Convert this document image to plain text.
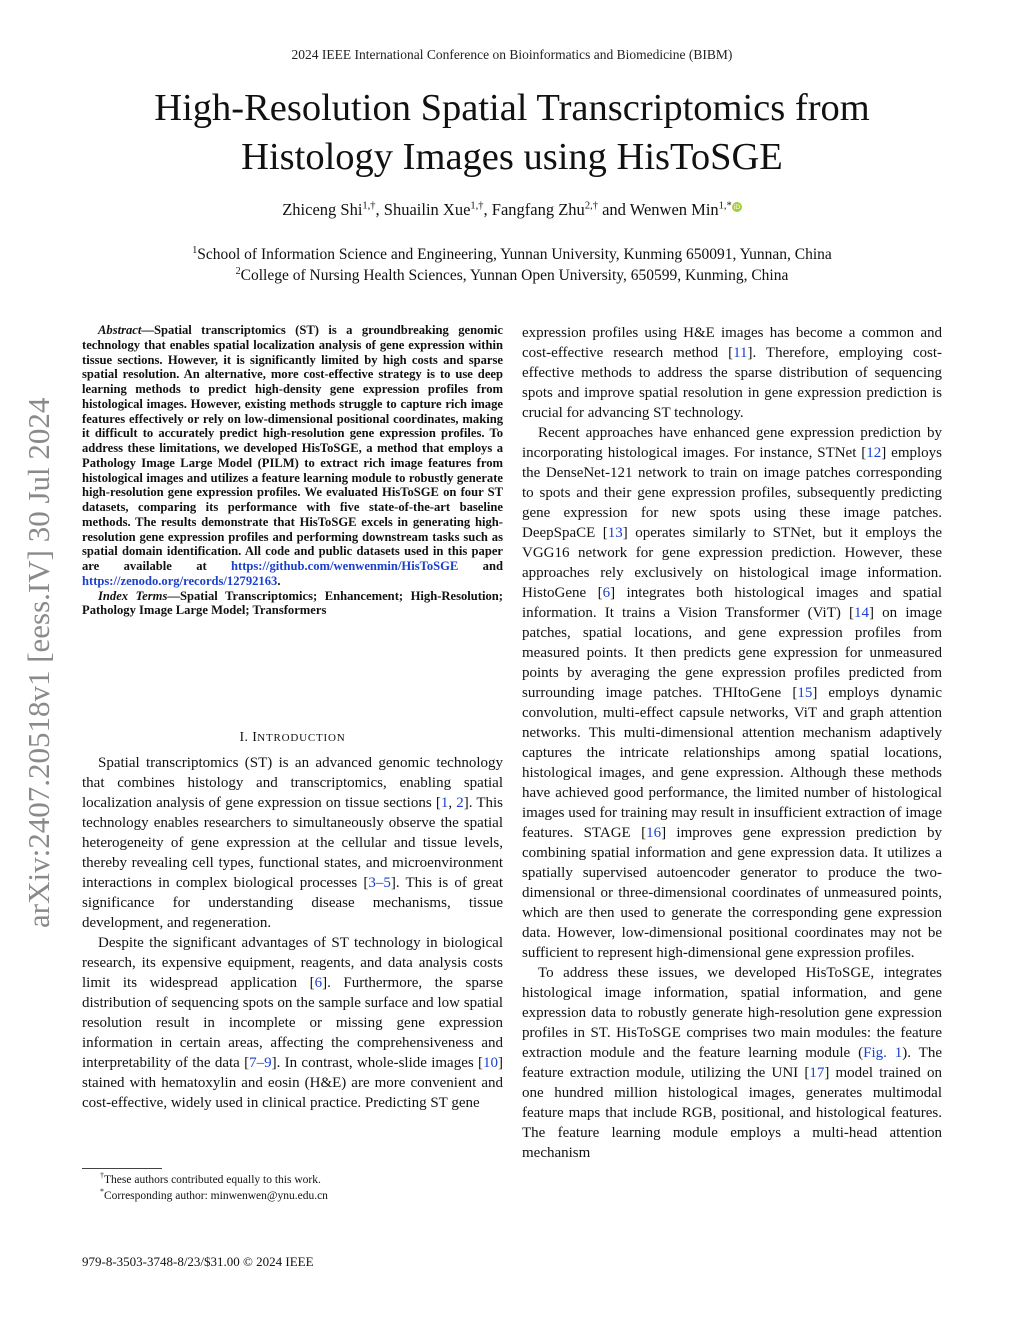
2024 IEEE International Conference on Bioinformatics and Biomedicine (BIBM)
High-Resolution Spatial Transcriptomics from
Histology Images using HisToSGE
Zhiceng Shi$^{1,\dagger}$, Shuailin Xue$^{1,\dagger}$, Fangfang Zhu$^{2,\dagger}$ and Wenwen Min$^{1,*}$ iD
$^1$School of Information Science and Engineering, Yunnan University, Kunming 650091, Yunnan, China
$^2$College of Nursing Health Sciences, Yunnan Open University, 650599, Kunming, China
arXiv:2407.20518v1 [eess.IV] 30 Jul 2024

Abstract—Spatial transcriptomics (ST) is a groundbreaking genomic technology that enables spatial localization analysis of gene expression within tissue sections. However, it is significantly limited by high costs and sparse spatial resolution. An alternative, more cost-effective strategy is to use deep learning methods to predict high-density gene expression profiles from histological images. However, existing methods struggle to capture rich image features effectively or rely on low-dimensional positional coordinates, making it difficult to accurately predict high-resolution gene expression profiles. To address these limitations, we developed HisToSGE, a method that employs a Pathology Image Large Model (PILM) to extract rich image features from histological images and utilizes a feature learning module to robustly generate high-resolution gene expression profiles. We evaluated HisToSGE on four ST datasets, comparing its performance with five state-of-the-art baseline methods. The results demonstrate that HisToSGE excels in generating high-resolution gene expression profiles and performing downstream tasks such as spatial domain identification. All code and public datasets used in this paper are available at https://github.com/wenwenmin/HisToSGE and https://zenodo.org/records/12792163.

Index Terms—Spatial Transcriptomics; Enhancement; High-Resolution; Pathology Image Large Model; Transformers

I. INTRODUCTION

Spatial transcriptomics (ST) is an advanced genomic technology that combines histology and transcriptomics, enabling spatial localization analysis of gene expression on tissue sections [1, 2]. This technology enables researchers to simultaneously observe the spatial heterogeneity of gene expression at the cellular and tissue levels, thereby revealing cell types, functional states, and microenvironment interactions in complex biological processes [3–5]. This is of great significance for understanding disease mechanisms, tissue development, and regeneration.

Despite the significant advantages of ST technology in biological research, its expensive equipment, reagents, and data analysis costs limit its widespread application [6]. Furthermore, the sparse distribution of sequencing spots on the sample surface and low spatial resolution result in incomplete or missing gene expression information in certain areas, affecting the comprehensiveness and interpretability of the data [7–9]. In contrast, whole-slide images [10] stained with hematoxylin and eosin (H&E) are more convenient and cost-effective, widely used in clinical practice. Predicting ST gene

expression profiles using H&E images has become a common and cost-effective research method [11]. Therefore, employing cost-effective methods to address the sparse distribution of sequencing spots and improve spatial resolution in gene expression prediction is crucial for advancing ST technology.

Recent approaches have enhanced gene expression prediction by incorporating histological images. For instance, STNet [12] employs the DenseNet-121 network to train on image patches corresponding to spots and their gene expression profiles, subsequently predicting gene expression for new spots using these image patches. DeepSpaCE [13] operates similarly to STNet, but it employs the VGG16 network for gene expression prediction. However, these approaches rely exclusively on histological image information. HistoGene [6] integrates both histological images and spatial information. It trains a Vision Transformer (ViT) [14] on image patches, spatial locations, and gene expression profiles from measured points. It then predicts gene expression for unmeasured points by averaging the gene expression profiles predicted from surrounding image patches. THItoGene [15] employs dynamic convolution, multi-effect capsule networks, ViT and graph attention networks. This multi-dimensional attention mechanism adaptively captures the intricate relationships among spatial locations, histological images, and gene expression. Although these methods have achieved good performance, the limited number of histological images used for training may result in insufficient extraction of image features. STAGE [16] improves gene expression prediction by combining spatial information and gene expression data. It utilizes a spatially supervised autoencoder generator to produce the two-dimensional or three-dimensional coordinates of unmeasured points, which are then used to generate the corresponding gene expression data. However, low-dimensional positional coordinates may not be sufficient to represent high-dimensional gene expression profiles.

To address these issues, we developed HisToSGE, integrates histological image information, spatial information, and gene expression data to robustly generate high-resolution gene expression profiles in ST. HisToSGE comprises two main modules: the feature extraction module and the feature learning module (Fig. 1). The feature extraction module, utilizing the UNI [17] model trained on one hundred million histological images, generates multimodal feature maps that include RGB, positional, and histological features. The feature learning module employs a multi-head attention mechanism

†These authors contributed equally to this work.
*Corresponding author: minwenwen@ynu.edu.cn
979-8-3503-3748-8/23/$31.00 © 2024 IEEE
